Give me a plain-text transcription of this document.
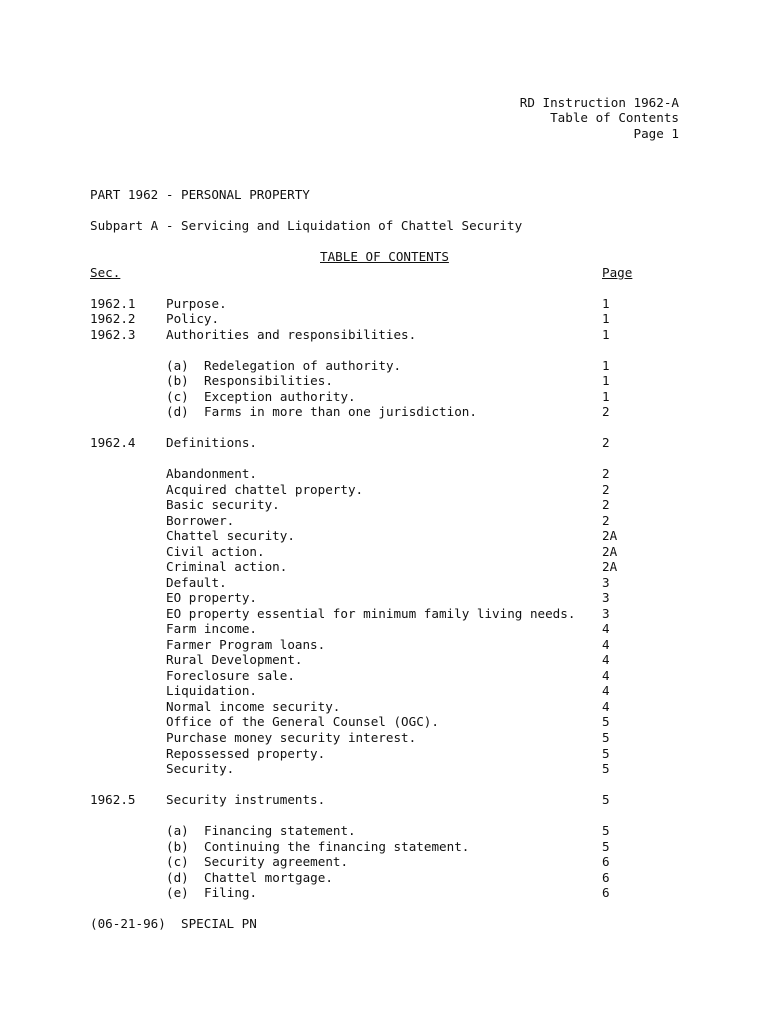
RD Instruction 1962-A
Table of Contents
Page 1
PART 1962 - PERSONAL PROPERTY
Subpart A - Servicing and Liquidation of Chattel Security
TABLE OF CONTENTS
Sec.	Page
1962.1 Purpose.	1
1962.2 Policy.	1
1962.3 Authorities and responsibilities.	1
(a) Redelegation of authority.	1
(b) Responsibilities.	1
(c) Exception authority.	1
(d) Farms in more than one jurisdiction.	2
1962.4 Definitions.	2
Abandonment.	2
Acquired chattel property.	2
Basic security.	2
Borrower.	2
Chattel security.	2A
Civil action.	2A
Criminal action.	2A
Default.	3
EO property.	3
EO property essential for minimum family living needs. 3
Farm income.	4
Farmer Program loans.	4
Rural Development.	4
Foreclosure sale.	4
Liquidation.	4
Normal income security.	4
Office of the General Counsel (OGC).	5
Purchase money security interest.	5
Repossessed property.	5
Security.	5
1962.5 Security instruments.	5
(a) Financing statement.	5
(b) Continuing the financing statement.	5
(c) Security agreement.	6
(d) Chattel mortgage.	6
(e) Filing.	6
(06-21-96)  SPECIAL PN
